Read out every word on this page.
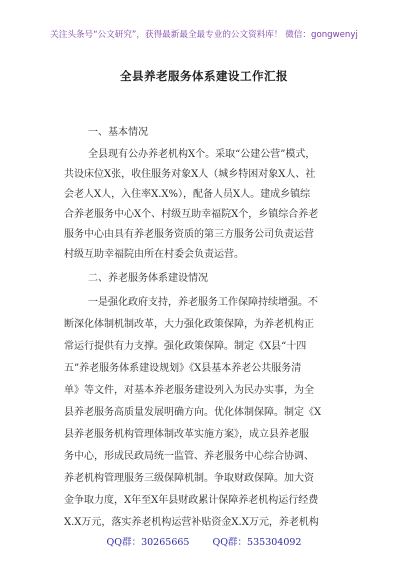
关注头条号“公文研究”，获得最新最全最专业的公文资料库！ 微信：gongwenyj
全县养老服务体系建设工作汇报
一、基本情况
全县现有公办养老机构X个。采取“公建公营”模式，
共设床位X张，收住服务对象X人（城乡特困对象X人、社
会老人X人，入住率X.X%），配备人员X人。建成乡镇综
合养老服务中心X个、村级互助幸福院X个，乡镇综合养老
服务中心由具有养老服务资质的第三方服务公司负责运营
村级互助幸福院由所在村委会负责运营。
二、养老服务体系建设情况
一是强化政府支持，养老服务工作保障持续增强。不
断深化体制机制改革，大力强化政策保障，为养老机构正
常运行提供有力支撑。强化政策保障。制定《X县“十四
五”养老服务体系建设规划》《X县基本养老公共服务清
单》等文件，对基本养老服务建设列入为民办实事，为全
县养老服务高质量发展明确方向。优化体制保障。制定《X
县养老服务机构管理体制改革实施方案》，成立县养老服
务中心，形成民政局统一监管、养老服务中心综合协调、
养老机构管理服务三级保障机制。争取财政保障。加大资
金争取力度，X年至X年县财政累计保障养老机构运行经费
X.X万元，落实养老机构运营补贴资金X.X万元，养老机构
QQ群：30265665 QQ群：535304092
